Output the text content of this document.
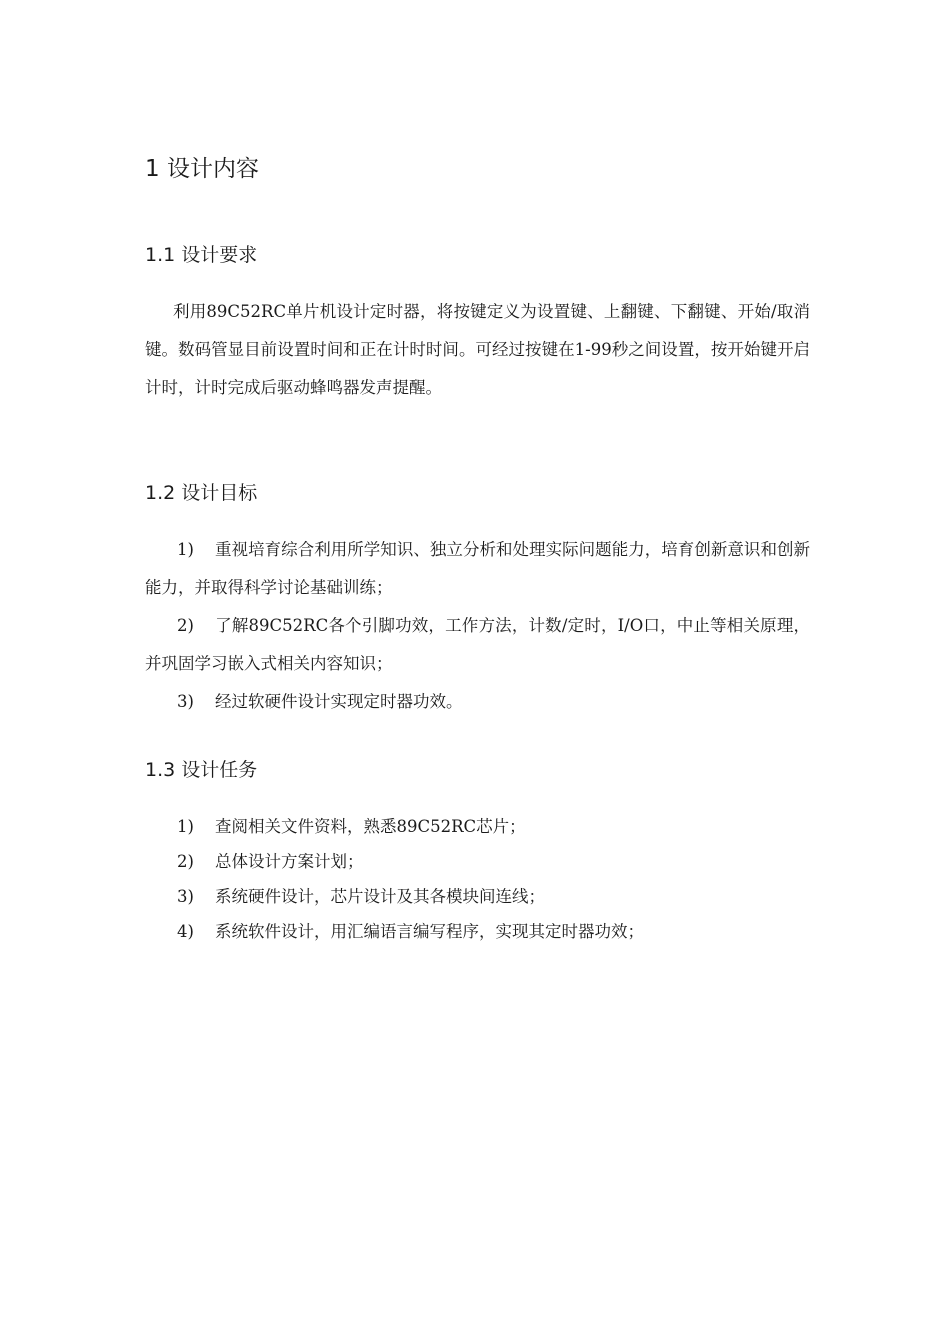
1 设计内容
1.1 设计要求

利用89C52RC单片机设计定时器，将按键定义为设置键、上翻键、下翻键、开始/取消键。数码管显目前设置时间和正在计时时间。可经过按键在1-99秒之间设置，按开始键开启计时，计时完成后驱动蜂鸣器发声提醒。

1.2 设计目标

1) 重视培育综合利用所学知识、独立分析和处理实际问题能力，培育创新意识和创新能力，并取得科学讨论基础训练；

2) 了解89C52RC各个引脚功效，工作方法，计数/定时，I/O口，中止等相关原理，并巩固学习嵌入式相关内容知识；

3) 经过软硬件设计实现定时器功效。

1.3 设计任务

1) 查阅相关文件资料，熟悉89C52RC芯片；

2) 总体设计方案计划；

3) 系统硬件设计，芯片设计及其各模块间连线；

4) 系统软件设计，用汇编语言编写程序，实现其定时器功效；
